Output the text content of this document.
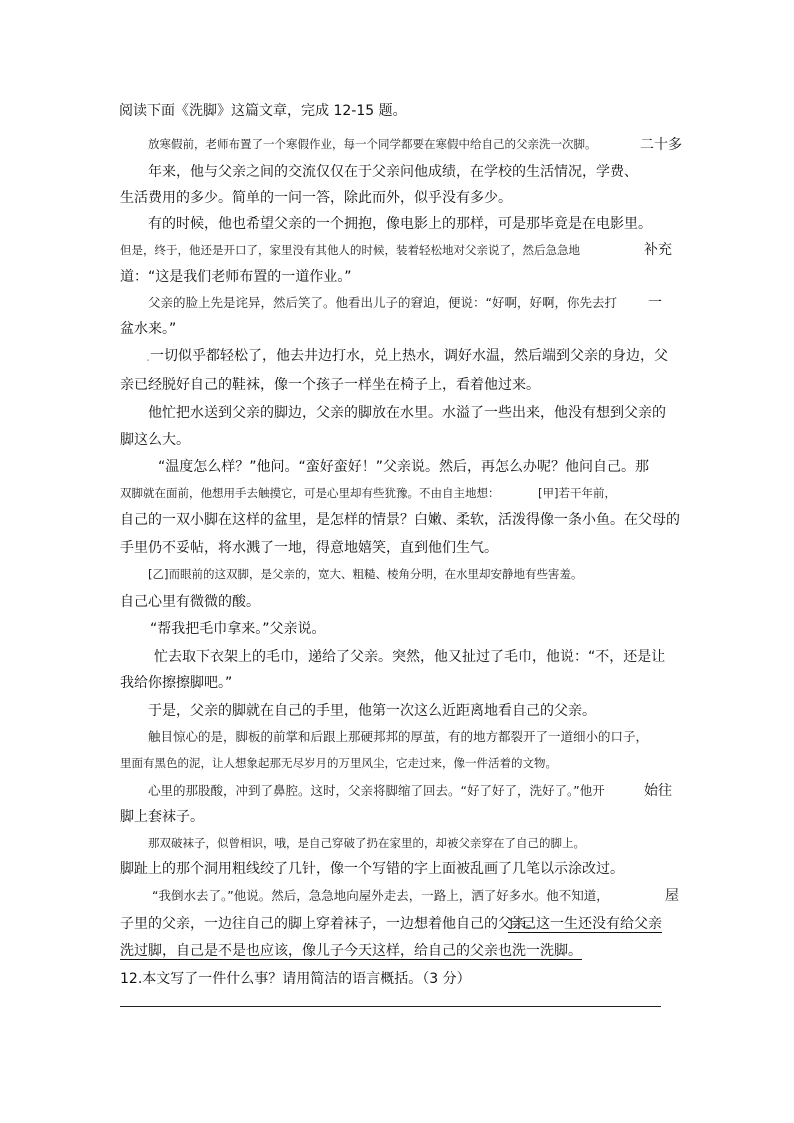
阅读下面《洗脚》这篇文章，完成 12-15 题。
放寒假前，老师布置了一个寒假作业，每一个同学都要在寒假中给自己的父亲洗一次脚。	二十多
年来，他与父亲之间的交流仅仅在于父亲问他成绩，在学校的生活情况，学费、
生活费用的多少。简单的一问一答，除此而外，似乎没有多少。
有的时候，他也希望父亲的一个拥抱，像电影上的那样，可是那毕竟是在电影里。
但是，终于，他还是开口了，家里没有其他人的时候，装着轻松地对父亲说了，然后急急地	补充
道：“这是我们老师布置的一道作业。”
父亲的脸上先是诧异，然后笑了。他看出儿子的窘迫，便说：“好啊，好啊，你先去打 一
盆水来。”
. 一切似乎都轻松了，他去井边打水，兑上热水，调好水温，然后端到父亲的身边，父
亲已经脱好自己的鞋袜，像一个孩子一样坐在椅子上，看着他过来。
他忙把水送到父亲的脚边，父亲的脚放在水里。水溢了一些出来，他没有想到父亲的
脚这么大。
“温度怎么样？”他问。“蛮好蛮好！”父亲说。然后，再怎么办呢？他问自己。那
双脚就在面前，他想用手去触摸它，可是心里却有些犹豫。不由自主地想：	[甲]若干年前，
自己的一双小脚在这样的盆里，是怎样的情景？白嫩、柔软，活泼得像一条小鱼。在父母的
手里仍不妥帖，将水溅了一地，得意地嬉笑，直到他们生气。
[乙]而眼前的这双脚，是父亲的，宽大、粗糙、棱角分明，在水里却安静地有些害羞。
自己心里有微微的酸。
“帮我把毛巾拿来。”父亲说。
忙去取下衣架上的毛巾，递给了父亲。突然，他又扯过了毛巾，他说：“不，还是让
我给你擦擦脚吧。”
于是，父亲的脚就在自己的手里，他第一次这么近距离地看自己的父亲。
触目惊心的是，脚板的前掌和后跟上那硬邦邦的厚茧，有的地方都裂开了一道细小的口子，
里面有黑色的泥，让人想象起那无尽岁月的万里风尘，它走过来，像一件活着的文物。
心里的那股酸，冲到了鼻腔。这时，父亲将脚缩了回去。“好了好了，洗好了。”他开	始往
脚上套袜子。
那双破袜子，似曾相识，哦，是自己穿破了扔在家里的，却被父亲穿在了自己的脚上。
脚趾上的那个洞用粗线绞了几针，像一个写错的字上面被乱画了几笔以示涂改过。
“我倒水去了。”他说。然后，急急地向屋外走去，一路上，洒了好多水。他不知道，	屋
子里的父亲，一边往自己的脚上穿着袜子，一边想着他自己的父亲。
自己这一生还没有给父亲
洗过脚，自己是不是也应该，像儿子今天这样，给自己的父亲也洗一洗脚。
12.本文写了一件什么事？请用简洁的语言概括。（3 分）
